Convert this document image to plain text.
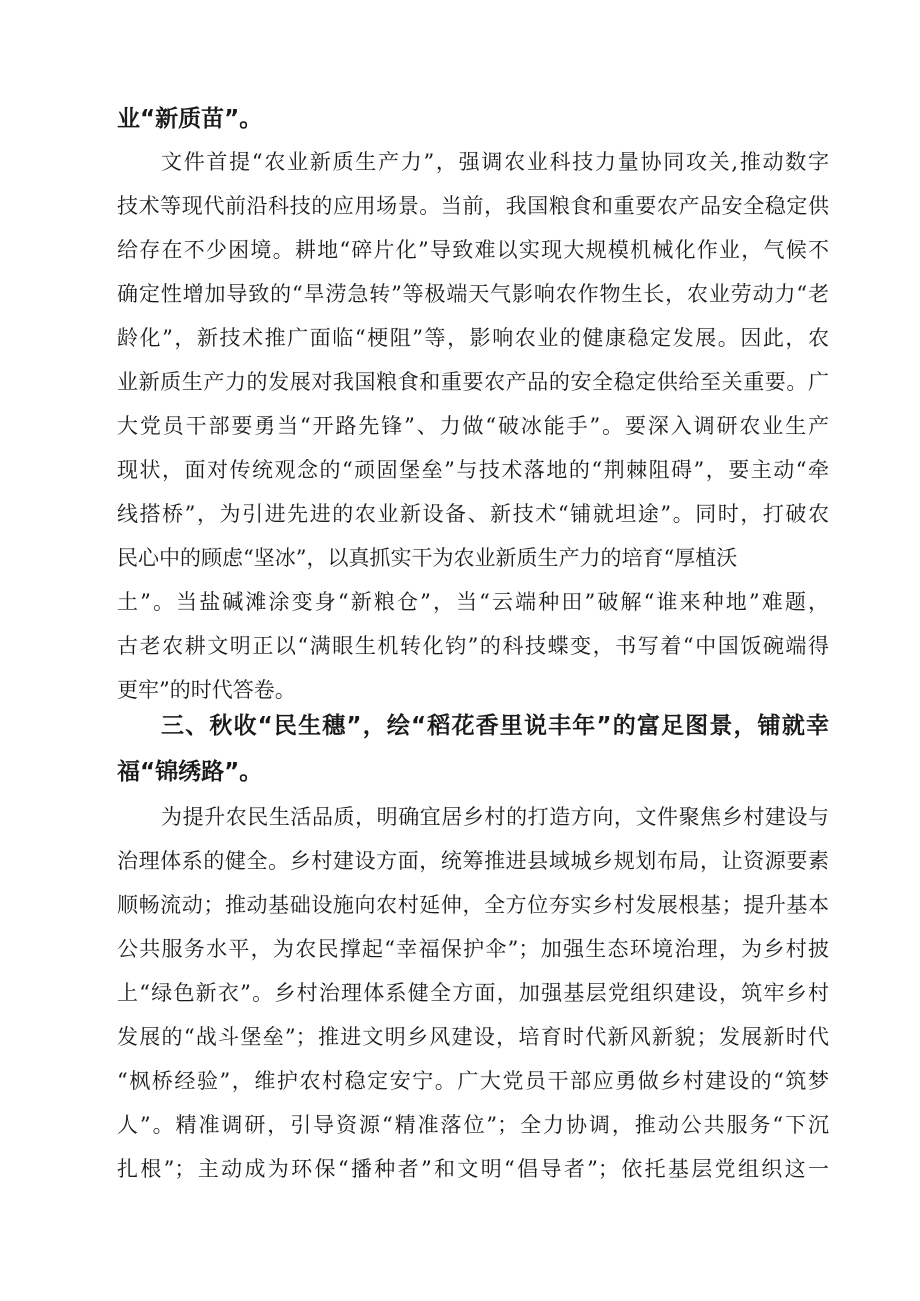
业“新质苗”。
文件首提“农业新质生产力”，强调农业科技力量协同攻关,推动数字
技术等现代前沿科技的应用场景。当前，我国粮食和重要农产品安全稳定供
给存在不少困境。耕地“碎片化”导致难以实现大规模机械化作业，气候不
确定性增加导致的“旱涝急转”等极端天气影响农作物生长，农业劳动力“老
龄化”，新技术推广面临“梗阻”等，影响农业的健康稳定发展。因此，农
业新质生产力的发展对我国粮食和重要农产品的安全稳定供给至关重要。广
大党员干部要勇当“开路先锋”、力做“破冰能手”。要深入调研农业生产
现状，面对传统观念的“顽固堡垒”与技术落地的“荆棘阻碍”，要主动“牵
线搭桥”，为引进先进的农业新设备、新技术“铺就坦途”。同时，打破农
民心中的顾虑“坚冰”，以真抓实干为农业新质生产力的培育“厚植沃
土”。当盐碱滩涂变身“新粮仓”，当“云端种田”破解“谁来种地”难题，
古老农耕文明正以“满眼生机转化钧”的科技蝶变，书写着“中国饭碗端得
更牢”的时代答卷。
三、秋收“民生穗”，绘“稻花香里说丰年”的富足图景，铺就幸
福“锦绣路”。
为提升农民生活品质，明确宜居乡村的打造方向，文件聚焦乡村建设与
治理体系的健全。乡村建设方面，统筹推进县域城乡规划布局，让资源要素
顺畅流动；推动基础设施向农村延伸，全方位夯实乡村发展根基；提升基本
公共服务水平，为农民撑起“幸福保护伞”；加强生态环境治理，为乡村披
上“绿色新衣”。乡村治理体系健全方面，加强基层党组织建设，筑牢乡村
发展的“战斗堡垒”；推进文明乡风建设，培育时代新风新貌；发展新时代
“枫桥经验”，维护农村稳定安宁。广大党员干部应勇做乡村建设的“筑梦
人”。精准调研，引导资源“精准落位”；全力协调，推动公共服务“下沉
扎根”；主动成为环保“播种者”和文明“倡导者”；依托基层党组织这一
